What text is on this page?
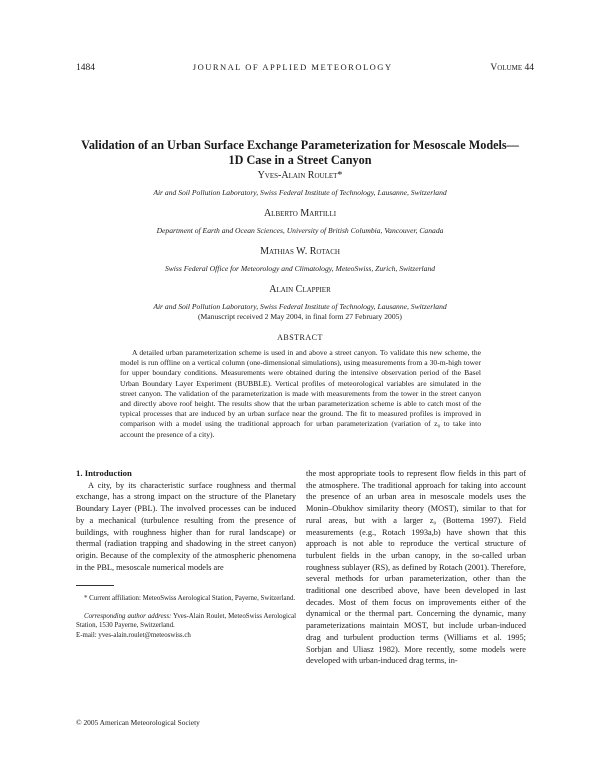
1484	JOURNAL OF APPLIED METEOROLOGY	Volume 44
Validation of an Urban Surface Exchange Parameterization for Mesoscale Models—
1D Case in a Street Canyon

Yves-Alain Roulet*

Air and Soil Pollution Laboratory, Swiss Federal Institute of Technology, Lausanne, Switzerland

Alberto Martilli

Department of Earth and Ocean Sciences, University of British Columbia, Vancouver, Canada

Mathias W. Rotach

Swiss Federal Office for Meteorology and Climatology, MeteoSwiss, Zurich, Switzerland

Alain Clappier

Air and Soil Pollution Laboratory, Swiss Federal Institute of Technology, Lausanne, Switzerland

(Manuscript received 2 May 2004, in final form 27 February 2005)
ABSTRACT

A detailed urban parameterization scheme is used in and above a street canyon. To validate this new scheme, the model is run offline on a vertical column (one-dimensional simulations), using measurements from a 30-m-high tower for upper boundary conditions. Measurements were obtained during the intensive observation period of the Basel Urban Boundary Layer Experiment (BUBBLE). Vertical profiles of meteorological variables are simulated in the street canyon. The validation of the parameterization is made with measurements from the tower in the street canyon and directly above roof height. The results show that the urban parameterization scheme is able to catch most of the typical processes that are induced by an urban surface near the ground. The fit to measured profiles is improved in comparison with a model using the traditional approach for urban parameterization (variation of z₀ to take into account the presence of a city).

1. Introduction

A city, by its characteristic surface roughness and thermal exchange, has a strong impact on the structure of the Planetary Boundary Layer (PBL). The involved processes can be induced by a mechanical (turbulence resulting from the presence of buildings, with roughness higher than for rural landscape) or thermal (radiation trapping and shadowing in the street canyon) origin. Because of the complexity of the atmospheric phenomena in the PBL, mesoscale numerical models are

* Current affiliation: MeteoSwiss Aerological Station, Payerne, Switzerland.

Corresponding author address: Yves-Alain Roulet, MeteoSwiss Aerological Station, 1530 Payerne, Switzerland.

E-mail: yves-alain.roulet@meteoswiss.ch

the most appropriate tools to represent flow fields in this part of the atmosphere. The traditional approach for taking into account the presence of an urban area in mesoscale models uses the Monin–Obukhov similarity theory (MOST), similar to that for rural areas, but with a larger z₀ (Bottema 1997). Field measurements (e.g., Rotach 1993a,b) have shown that this approach is not able to reproduce the vertical structure of turbulent fields in the urban canopy, in the so-called urban roughness sublayer (RS), as defined by Rotach (2001). Therefore, several methods for urban parameterization, other than the traditional one described above, have been developed in last decades. Most of them focus on improvements either of the dynamical or the thermal part. Concerning the dynamic, many parameterizations maintain MOST, but include urban-induced drag and turbulent production terms (Williams et al. 1995; Sorbjan and Uliasz 1982). More recently, some models were developed with urban-induced drag terms, in-

© 2005 American Meteorological Society
